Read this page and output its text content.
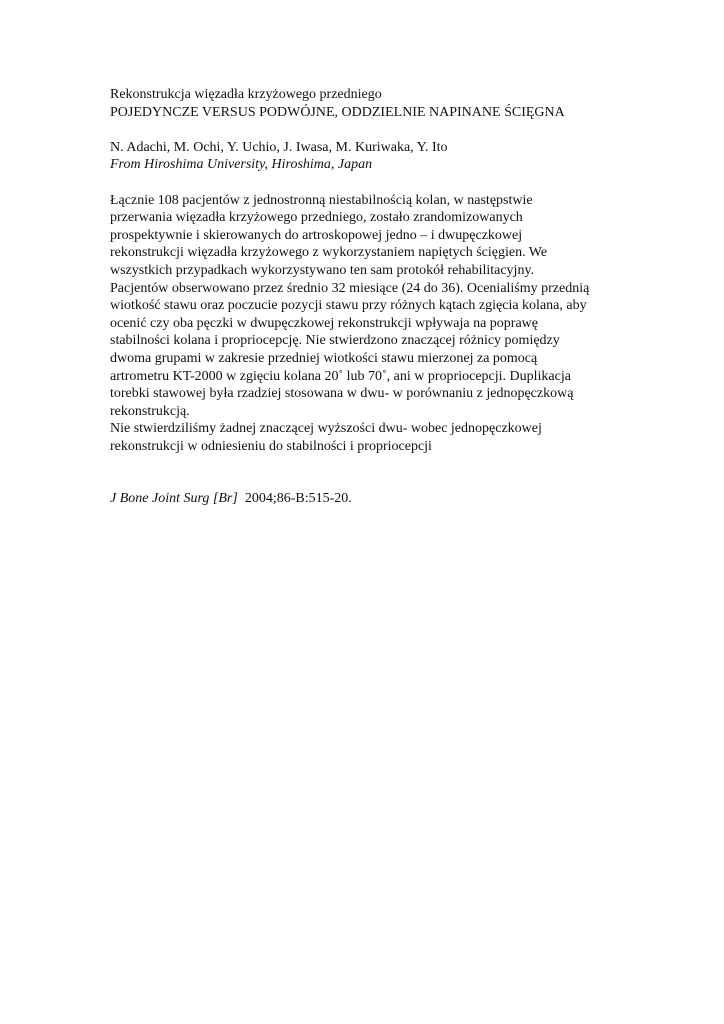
Rekonstrukcja więzadła krzyżowego przedniego
POJEDYNCZE VERSUS PODWÓJNE, ODDZIELNIE NAPINANE ŚCIĘGNA
N. Adachi, M. Ochi, Y. Uchio, J. Iwasa, M. Kuriwaka, Y. Ito
From Hiroshima University, Hiroshima, Japan
Łącznie 108 pacjentów z jednostronną niestabilnością kolan, w następstwie
przerwania więzadła krzyżowego przedniego, zostało zrandomizowanych
prospektywnie i skierowanych do artroskopowej jedno – i dwupęczkowej
rekonstrukcji więzadła krzyżowego z wykorzystaniem napiętych ścięgien. We
wszystkich przypadkach wykorzystywano ten sam protokół rehabilitacyjny.
Pacjentów obserwowano przez średnio 32 miesiące (24 do 36). Ocenialiśmy przednią
wiotkość stawu oraz poczucie pozycji stawu przy różnych kątach zgięcia kolana, aby
ocenić czy oba pęczki w dwupęczkowej rekonstrukcji wpływaja na poprawę
stabilności kolana i propriocepcję. Nie stwierdzono znaczącej różnicy pomiędzy
dwoma grupami w zakresie przedniej wiotkości stawu mierzonej za pomocą
artrometru KT-2000 w zgięciu kolana 20˚ lub 70˚, ani w propriocepcji. Duplikacja
torebki stawowej była rzadziej stosowana w dwu- w porównaniu z jednopęczkową
rekonstrukcją.
Nie stwierdziliśmy żadnej znaczącej wyższości dwu- wobec jednopęczkowej
rekonstrukcji w odniesieniu do stabilności i propriocepcji
J Bone Joint Surg [Br]  2004;86-B:515-20.
